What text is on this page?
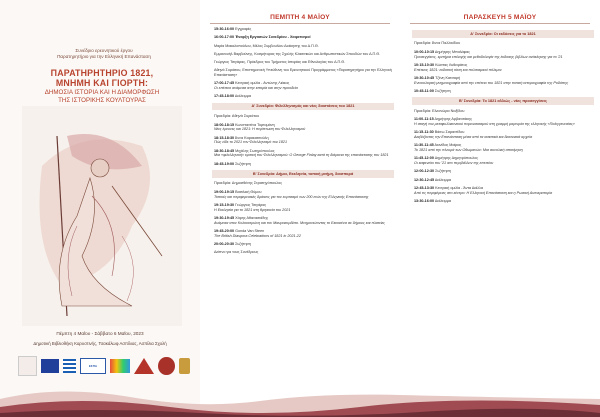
Συνέδριο ερευνητικού έργου
Παρατηρητήριο για την Ελληνική Επανάσταση
ΠΑΡΑΤΗΡΗΤΗΡΙΟ 1821,
ΜΝΗΜΗ ΚΑΙ ΓΙΟΡΤΗ:
ΔΗΜΟΣΙΑ ΙΣΤΟΡΙΑ ΚΑΙ Η ΔΙΑΜΟΡΦΩΣΗ
ΤΗΣ ΙΣΤΟΡΙΚΗΣ ΚΟΥΛΤΟΥΡΑΣ
Πέμπτη 4 Μαΐου - Σάββατο 6 Μαΐου, 2023
Δημοτική Βιβλιοθήκη Καρυστινής, Τσακάλωφ Ασπίλιας, Ασπίλια Σχολή
ΕΣΠΑ
ΠΕΜΠΤΗ 4 ΜΑΪΟΥ
15:30-16:00 Εγγραφές
16:00-17:00 Έναρξη Εργασιών Συνεδρίου - Χαιρετισμοί
Μαρία Μακαλοπούλου, Μέλος Συμβουλίου Διοίκησης του Δ.Π.Θ.
Εμμανουήλ Βαρβούνης, Κοσμήτορας της Σχολής Κλασσικών και Ανθρωπιστικών Σπουδών του Δ.Π.Θ.
Γεώργιος Τσιγάρας, Πρόεδρος του Τμήματος Ιστορίας και Εθνολογίας του Δ.Π.Θ.
Αθηνά Συριάτου, Επιστημονική Υπεύθυνη του Ερευνητικού Προγράμματος «Παρατηρητήριο για την Ελληνική Επανάσταση»
17:00-17:45 Κεντρική ομιλία - Αντώνης Λιάκος
Οι επέτειοι ανάμεσα στην ιστορία και στην προοδεία
17:45-18:00 Διάλειμμα
Α' Συνεδρία: Φιλελληνισμός και νέες διαστάσεις του 1821
Προεδρία: Αθηνά Συριάτου
18:00-18:15 Κωνσταντίνα Τορτομάνη
Νέες έρευνες και 1821: Η περίπτωση του Φιλελληνισμού
18:15-18:30 Άννα Καρακατσούλη
Πώς είδε το 2021 τον Φιλελληνισμό του 1821
18:30-18:45 Μιχάλης Σωτηρόπουλος
Μια «φιλελληνική» κριτική του Φιλελληνισμού: Ο George Finlay κατά τη διάρκεια της επανάστασης του 1821
18:45-19:00 Συζήτηση
Β' Συνεδρία: Δήμοι, Εκκλησία, τοπική μνήμη, διασπορά
Προεδρία: Δημοσθένης Στρατηγόπουλος
19:00-19:15 Βασιλική Θύμου
Τοπικές και περιφερειακές δράσεις για τον εορτασμό των 200 ετών της Ελληνικής Επανάστασης
19:15-19:30 Γεώργιος Τσιγάρας
Η Εκκλησία για το 1821 στη θρησκεία του 2021
19:30-19:45 Χάρης Αθανασιάδης
Ανάμεσα στον Κολοκοτρώνη και τον Μαυροκορδάτο. Μνημονεύοντας το Εικοσιένα σε δήμους και πλατείες
19:45-20:00 Gonda Van Steen
The British Diaspora Celebrations of 1821 in 2021-22
20:00-20:30 Συζήτηση
Δείπνο για τους Συνέδρους
ΠΑΡΑΣΚΕΥΗ 5 ΜΑΪΟΥ
Α' Συνεδρία: Οι εκδόσεις για το 1821
Προεδρία: Άννα Παλλικίδου
10:00-10:15 Δημήτρης Μπαλάφας
Προσεγγίσεις, κριτήρια επιλογής και μεθοδολογία της έκδοσης βιβλίων ανάκλησης για το '21
10:15-10:30 Κώστας Λυθειράτος
Επέτειος 1821: εκδοτική τάση και πολιτισμικοί πόλεμοι
10:30-10:45 Τζένη Κατσαρή
Εννοιολογική μνημειογραφία από την επέτειο του 1821 στην τοπική ιστοριογραφία της Ροδόπης
10:45-11:00 Συζήτηση
Β' Συνεδρία: Το 1821 αλλιώς - νέες προσεγγίσεις
Προεδρία: Ελεονώρα Ναξίδου
11:00-11:15 Δημήτρης Αρβανιτάκης
Η σταγή του μεταφυλλικονικού παρουσιασμού στη γραμμή μαρτυρία της ελληνικής «Παλιγγενεσίας»
11:15-11:30 Βάσω Σαραντίδου
Διαβάζοντας την Επανάσταση μέσα από τα ασιατικά και διασυνικά αρχεία
11:30-11:45 Ακινίδας Μαίρας
Το 1821 από την πλευρά των Οθωμανών: Μια συνολική αποτίμηση
11:45-12:00 Δημήτρης Δημητρόπουλος
Οι καφενείοι του '21 στο περιβάλλον της επετείου
12:00-12:30 Συζήτηση
12:30-12:45 Διάλειμμα
12:45-13:30 Κεντρική ομιλία - Άντα Διάλλα
Από τις περιφέρειες στο κέντρο: Η Ελληνική Επανάσταση και η Ρωσική Αυτοκρατορία
13:30-16:00 Διάλειμμα
